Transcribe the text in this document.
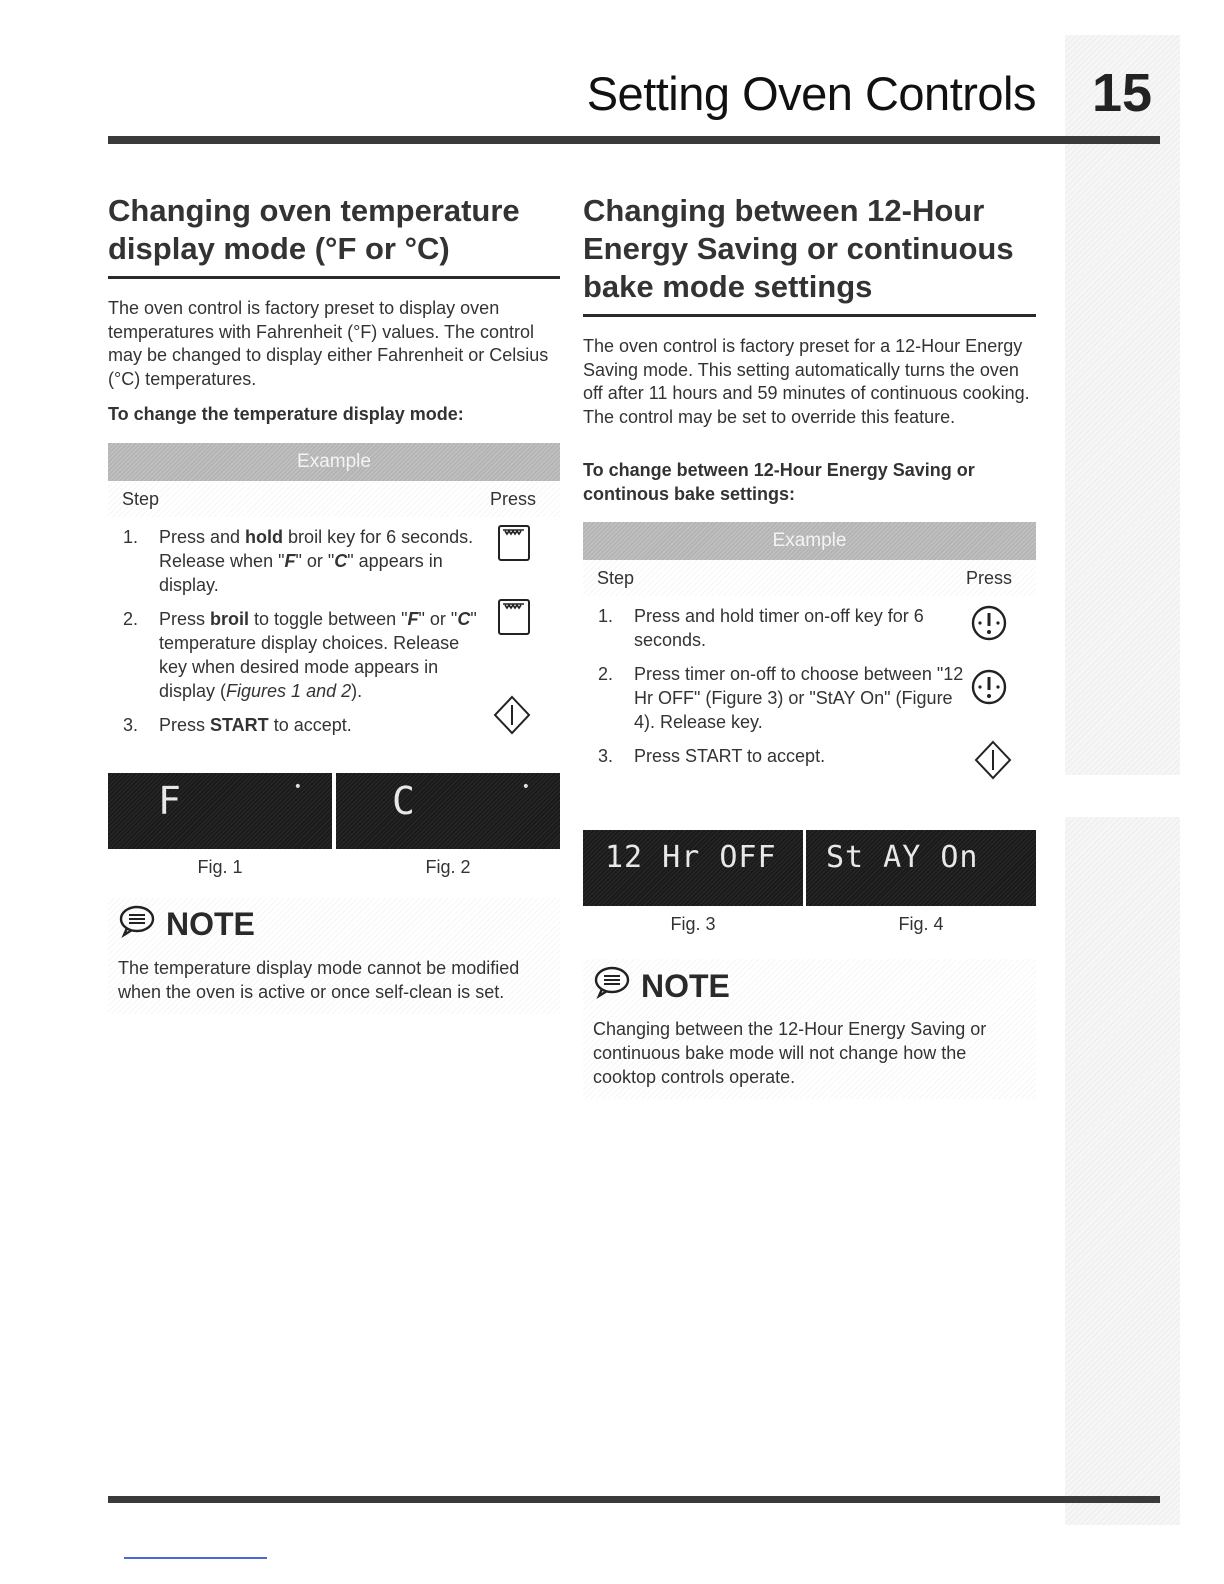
Setting Oven Controls 15
Changing oven temperature display mode (°F or °C)

The oven control is factory preset to display oven temperatures with Fahrenheit (°F) values. The control may be changed to display either Fahrenheit or Celsius (°C) temperatures.

To change the temperature display mode:

Example
Step	Press
1.	Press and hold broil key for 6 seconds. Release when "F" or "C" appears in display.
2.	Press broil to toggle between "F" or "C" temperature display choices. Release key when desired mode appears in display (Figures 1 and 2).
3.	Press START to accept.
F	•
Fig. 1
C	•
Fig. 2
NOTE

The temperature display mode cannot be modified when the oven is active or once self-clean is set.

Changing between 12-Hour Energy Saving or continuous bake mode settings

The oven control is factory preset for a 12-Hour Energy Saving mode. This setting automatically turns the oven off after 11 hours and 59 minutes of continuous cooking. The control may be set to override this feature.

To change between 12-Hour Energy Saving or continous bake settings:

Example
Step	Press
1.	Press and hold timer on-off key for 6 seconds.
2.	Press timer on-off to choose between "12 Hr OFF" (Figure 3) or "StAY On" (Figure 4). Release key.
3.	Press START to accept.
12 Hr OFF
Fig. 3
St AY On
Fig. 4
NOTE

Changing between the 12-Hour Energy Saving or continuous bake mode will not change how the cooktop controls operate.
